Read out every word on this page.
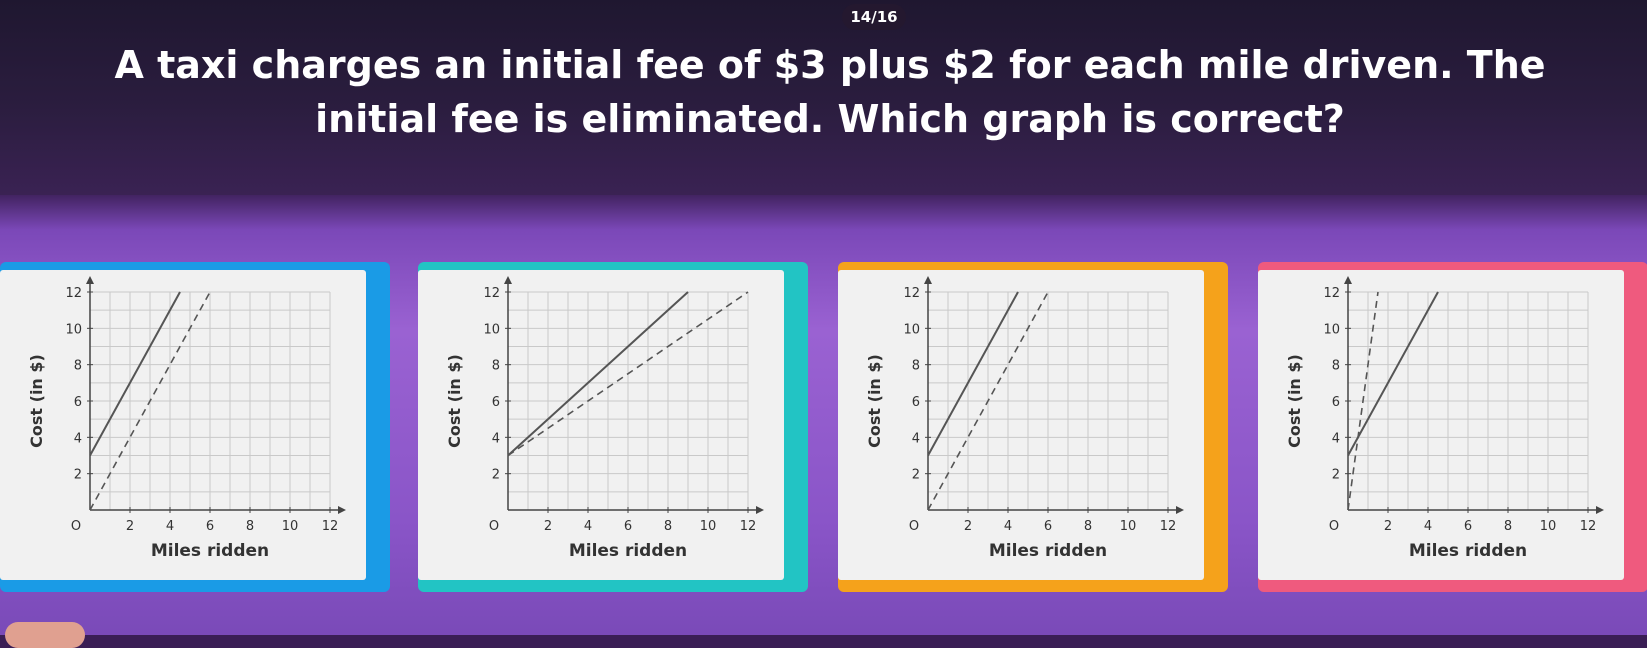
14/16
A taxi charges an initial fee of $3 plus $2 for each mile driven. The initial fee is eliminated. Which graph is correct?
2 4 6 8 10 12
2
4
6
8
10
12
O
Miles ridden
Cost (in $)
2 4 6 8 10 12
2
4
6
8
10
12
O
Miles ridden
Cost (in $)
2 4 6 8 10 12
2
4
6
8
10
12
O
Miles ridden
Cost (in $)
2 4 6 8 10 12
2
4
6
8
10
12
O
Miles ridden
Cost (in $)
